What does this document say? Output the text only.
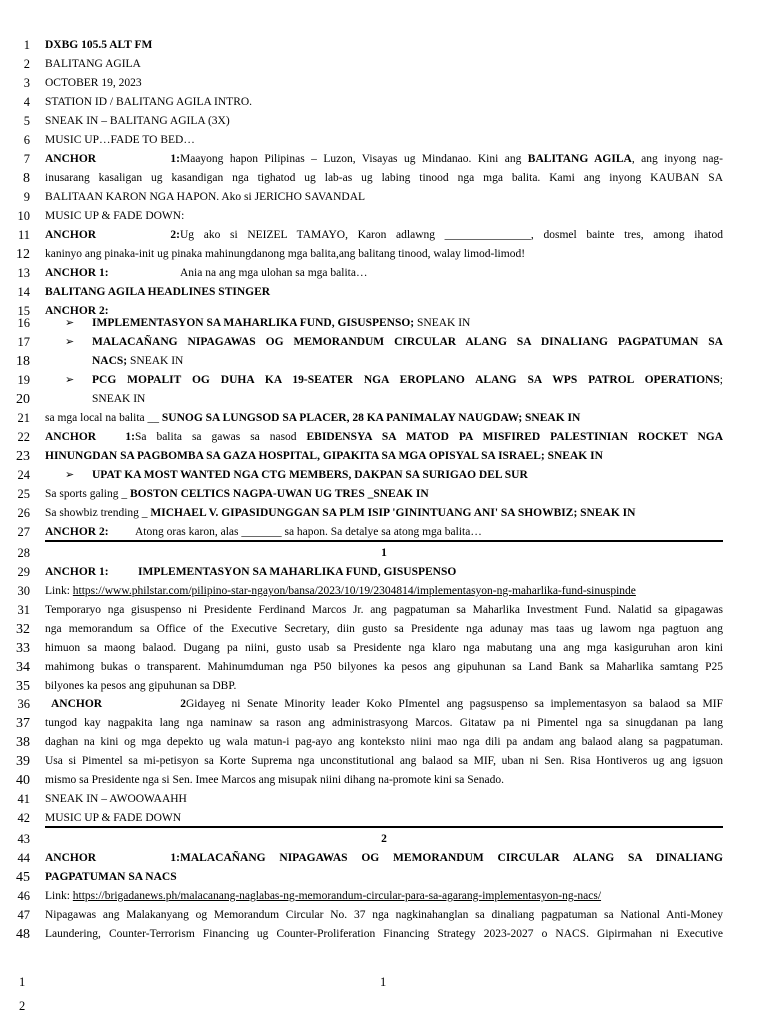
1 DXBG 105.5 ALT FM
2 BALITANG AGILA
3 OCTOBER 19, 2023
4 STATION ID / BALITANG AGILA INTRO.
5 SNEAK IN – BALITANG AGILA (3X)
6 MUSIC UP…FADE TO BED…
7 ANCHOR 1:Maayong hapon Pilipinas – Luzon, Visayas ug Mindanao. Kini ang BALITANG AGILA, ang inyong nag-
8 inusarang kasaligan ug kasandigan nga tighatod ug lab-as ug labing tinood nga mga balita. Kami ang inyong KAUBAN SA
9 BALITAAN KARON NGA HAPON. Ako si JERICHO SAVANDAL
10 MUSIC UP & FADE DOWN:
11 ANCHOR 2:Ug ako si NEIZEL TAMAYO, Karon adlawng _______________, dosmel bainte tres, among ihatod
12 kaninyo ang pinaka-init ug pinaka mahinungdanong mga balita,ang balitang tinood, walay limod-limod!
13 ANCHOR 1:	Ania na ang mga ulohan sa mga balita…
14 BALITANG AGILA HEADLINES STINGER
15 ANCHOR 2:
16	➢ IMPLEMENTASYON SA MAHARLIKA FUND, GISUSPENSO; SNEAK IN
17	➢ MALACAÑANG NIPAGAWAS OG MEMORANDUM CIRCULAR ALANG SA DINALIANG PAGPATUMAN SA
18	NACS; SNEAK IN
19	➢ PCG MOPALIT OG DUHA KA 19-SEATER NGA EROPLANO ALANG SA WPS PATROL OPERATIONS;
20	SNEAK IN
21 sa mga local na balita __ SUNOG SA LUNGSOD SA PLACER, 28 KA PANIMALAY NAUGDAW; SNEAK IN
22 ANCHOR 1:Sa balita sa gawas sa nasod EBIDENSYA SA MATOD PA MISFIRED PALESTINIAN ROCKET NGA
23 HINUNGDAN SA PAGBOMBA SA GAZA HOSPITAL, GIPAKITA SA MGA OPISYAL SA ISRAEL; SNEAK IN
24	➢ UPAT KA MOST WANTED NGA CTG MEMBERS, DAKPAN SA SURIGAO DEL SUR
25 Sa sports galing _ BOSTON CELTICS NAGPA-UWAN UG TRES _SNEAK IN
26 Sa showbiz trending _ MICHAEL V. GIPASIDUNGGAN SA PLM ISIP 'GININTUANG ANI' SA SHOWBIZ; SNEAK IN
27 ANCHOR 2: Atong oras karon, alas _______ sa hapon. Sa detalye sa atong mga balita…
28	1
29 ANCHOR 1:	IMPLEMENTASYON SA MAHARLIKA FUND, GISUSPENSO
30 Link: https://www.philstar.com/pilipino-star-ngayon/bansa/2023/10/19/2304814/implementasyon-ng-maharlika-fund-sinuspinde
31 Temporaryo nga gisuspenso ni Presidente Ferdinand Marcos Jr. ang pagpatuman sa Maharlika Investment Fund. Nalatid sa gipagawas
32 nga memorandum sa Office of the Executive Secretary, diin gusto sa Presidente nga adunay mas taas ug lawom nga pagtuon ang
33 himuon sa maong balaod. Dugang pa niini, gusto usab sa Presidente nga klaro nga mabutang una ang mga kasiguruhan aron kini
34 mahimong bukas o transparent. Mahinumduman nga P50 bilyones ka pesos ang gipuhunan sa Land Bank sa Maharlika samtang P25
35 bilyones ka pesos ang gipuhunan sa DBP.
36 ANCHOR 2Gidayeg ni Senate Minority leader Koko PImentel ang pagsuspenso sa implementasyon sa balaod sa MIF
37 tungod kay nagpakita lang nga naminaw sa rason ang administrasyong Marcos. Gitataw pa ni Pimentel nga sa sinugdanan pa lang
38 daghan na kini og mga depekto ug wala matun-i pag-ayo ang konteksto niini mao nga dili pa andam ang balaod alang sa pagpatuman.
39 Usa si Pimentel sa mi-petisyon sa Korte Suprema nga unconstitutional ang balaod sa MIF, uban ni Sen. Risa Hontiveros ug ang igsuon
40 mismo sa Presidente nga si Sen. Imee Marcos ang misupak niini dihang na-promote kini sa Senado.
41 SNEAK IN – AWOOWAAHH
42 MUSIC UP & FADE DOWN
43	2
44 ANCHOR 1:MALACAÑANG NIPAGAWAS OG MEMORANDUM CIRCULAR ALANG SA DINALIANG
45 PAGPATUMAN SA NACS
46 Link: https://brigadanews.ph/malacanang-naglabas-ng-memorandum-circular-para-sa-agarang-implementasyon-ng-nacs/
47 Nipagawas ang Malakanyang og Memorandum Circular No. 37 nga nagkinahanglan sa dinaliang pagpatuman sa National Anti-Money
48 Laundering, Counter-Terrorism Financing ug Counter-Proliferation Financing Strategy 2023-2027 o NACS. Gipirmahan ni Executive
1
1
2
